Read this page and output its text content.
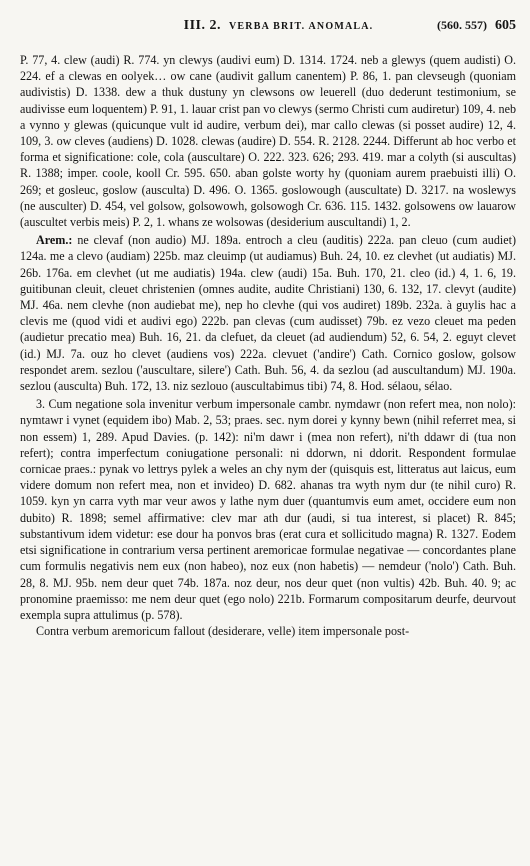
III. 2. VERBA BRIT. ANOMALA.	(560. 557) 605

P. 77, 4. clew (audi) R. 774. yn clewys (audivi eum) D. 1314. 1724. neb a glewys (quem audisti) O. 224. ef a clewas en oolyek… ow cane (audivit gallum canentem) P. 86, 1. pan clevseugh (quoniam audivistis) D. 1338. dew a thuk dustuny yn clewsons ow leuerell (duo dederunt testimonium, se audivisse eum loquentem) P. 91, 1. lauar crist pan vo clewys (sermo Christi cum audiretur) 109, 4. neb a vynno y glewas (quicunque vult id audire, verbum dei), mar callo clewas (si posset audire) 12, 4. 109, 3. ow cleves (audiens) D. 1028. clewas (audire) D. 554. R. 2128. 2244. Differunt ab hoc verbo et forma et significatione: cole, cola (auscultare) O. 222. 323. 626; 293. 419. mar a colyth (si auscultas) R. 1388; imper. coole, kooll Cr. 595. 650. aban golste worty hy (quoniam aurem praebuisti illi) O. 269; et gosleuc, goslow (ausculta) D. 496. O. 1365. goslowough (auscultate) D. 3217. na woslewys (ne ausculter) D. 454, vel golsow, golsowowh, golsowogh Cr. 636. 115. 1432. golsowens ow lauarow (auscultet verbis meis) P. 2, 1. whans ze wolsowas (desiderium auscultandi) 1, 2.

Arem.: ne clevaf (non audio) MJ. 189a. entroch a cleu (auditis) 222a. pan cleuo (cum audiet) 124a. me a clevo (audiam) 225b. maz cleuimp (ut audiamus) Buh. 24, 10. ez clevhet (ut audiatis) MJ. 26b. 176a. em clevhet (ut me audiatis) 194a. clew (audi) 15a. Buh. 170, 21. cleo (id.) 4, 1. 6, 19. guitibunan cleuit, cleuet christenien (omnes audite, audite Christiani) 130, 6. 132, 17. clevyt (audite) MJ. 46a. nem clevhe (non audiebat me), nep ho clevhe (qui vos audiret) 189b. 232a. à guylis hac a clevis me (quod vidi et audivi ego) 222b. pan clevas (cum audisset) 79b. ez vezo cleuet ma peden (audietur precatio mea) Buh. 16, 21. da clefuet, da cleuet (ad audiendum) 52, 6. 54, 2. eguyt clevet (id.) MJ. 7a. ouz ho clevet (audiens vos) 222a. clevuet ('andire') Cath. Cornico goslow, golsow respondet arem. sezlou ('auscultare, silere') Cath. Buh. 56, 4. da sezlou (ad auscultandum) MJ. 190a. sezlou (ausculta) Buh. 172, 13. niz sezlouo (auscultabimus tibi) 74, 8. Hod. sélaou, sélao.

3. Cum negatione sola invenitur verbum impersonale cambr. nymdawr (non refert mea, non nolo): nymtawr i vynet (equidem ibo) Mab. 2, 53; praes. sec. nym dorei y kynny bewn (nihil referret mea, si non essem) 1, 289. Apud Davies. (p. 142): ni'm dawr i (mea non refert), ni'th ddawr di (tua non refert); contra imperfectum coniugatione personali: ni ddorwn, ni ddorit. Respondent formulae cornicae praes.: pynak vo lettrys pylek a weles an chy nym der (quisquis est, litteratus aut laicus, eum videre domum non refert mea, non et invideo) D. 682. ahanas tra wyth nym dur (te nihil curo) R. 1059. kyn yn carra vyth mar veur awos y lathe nym duer (quantumvis eum amet, occidere eum non dubito) R. 1898; semel affirmative: clev mar ath dur (audi, si tua interest, si placet) R. 845; substantivum idem videtur: ese dour ha ponvos bras (erat cura et sollicitudo magna) R. 1327. Eodem etsi significatione in contrarium versa pertinent aremoricae formulae negativae — concordantes plane cum formulis negativis nem eux (non habeo), noz eux (non habetis) — nemdeur ('nolo') Cath. Buh. 28, 8. MJ. 95b. nem deur quet 74b. 187a. noz deur, nos deur quet (non vultis) 42b. Buh. 40. 9; ac pronomine praemisso: me nem deur quet (ego nolo) 221b. Formarum compositarum deurfe, deurvout exempla supra attulimus (p. 578).

Contra verbum aremoricum fallout (desiderare, velle) item impersonale post-
